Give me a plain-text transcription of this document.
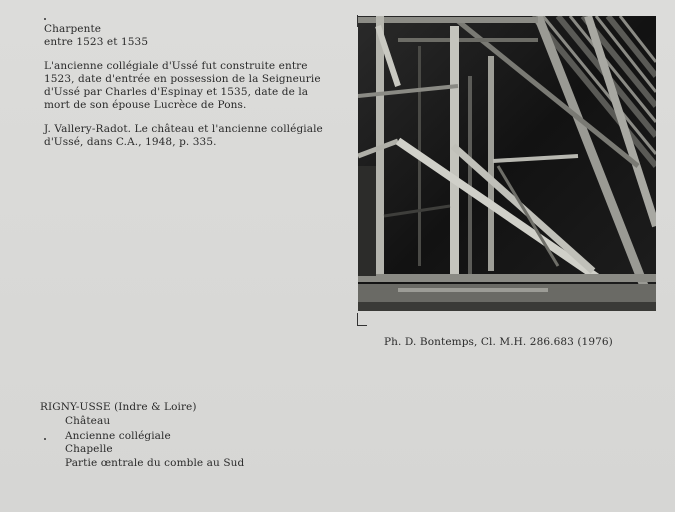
Charpente
entre 1523 et 1535
L'ancienne collégiale d'Ussé fut construite entre
1523, date d'entrée en possession de la Seigneurie
d'Ussé par Charles d'Espinay et 1535, date de la
mort de son épouse Lucrèce de Pons.
J. Vallery-Radot. Le château et l'ancienne collégiale
d'Ussé, dans C.A., 1948, p. 335.
Ph. D. Bontemps, Cl. M.H. 286.683 (1976)
RIGNY-USSE (Indre & Loire)
Château
Ancienne collégiale
Chapelle
Partie œntrale du comble au Sud
